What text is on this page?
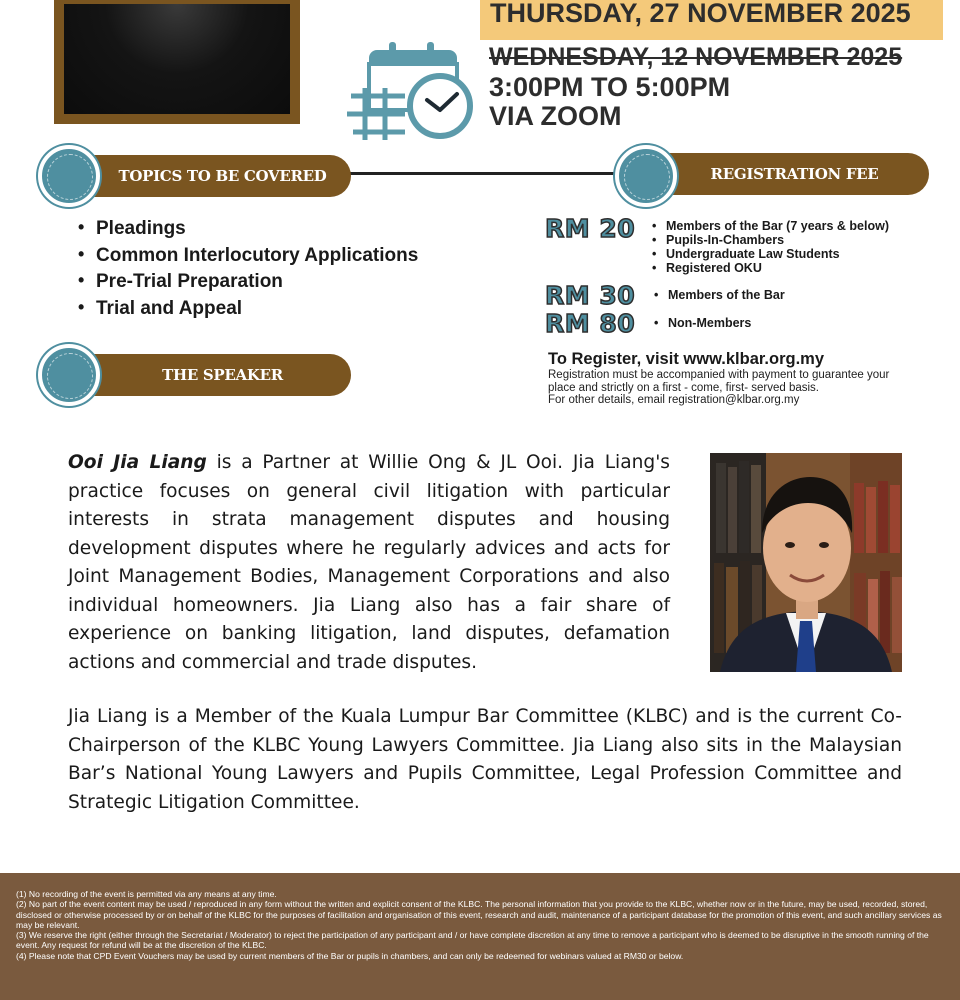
THURSDAY, 27 NOVEMBER 2025
WEDNESDAY, 12 NOVEMBER 2025
3:00PM TO 5:00PM
VIA ZOOM
TOPICS TO BE COVERED	REGISTRATION FEE
• Pleadings
• Common Interlocutory Applications
• Pre-Trial Preparation
• Trial and Appeal
THE SPEAKER
RM 20	• Members of the Bar (7 years & below)
• Pupils-In-Chambers
• Undergraduate Law Students
• Registered OKU
RM 30	• Members of the Bar
RM 80	• Non-Members
To Register, visit www.klbar.org.my
Registration must be accompanied with payment to guarantee your place and strictly on a first - come, first- served basis.
For other details, email registration@klbar.org.my

Ooi Jia Liang is a Partner at Willie Ong & JL Ooi. Jia Liang's practice focuses on general civil litigation with particular interests in strata management disputes and housing development disputes where he regularly advices and acts for Joint Management Bodies, Management Corporations and also individual homeowners. Jia Liang also has a fair share of experience on banking litigation, land disputes, defamation actions and commercial and trade disputes.

Jia Liang is a Member of the Kuala Lumpur Bar Committee (KLBC) and is the current Co-Chairperson of the KLBC Young Lawyers Committee. Jia Liang also sits in the Malaysian Bar’s National Young Lawyers and Pupils Committee, Legal Profession Committee and Strategic Litigation Committee.

(1) No recording of the event is permitted via any means at any time.

(2) No part of the event content may be used / reproduced in any form without the written and explicit consent of the KLBC. The personal information that you provide to the KLBC, whether now or in the future, may be used, recorded, stored, disclosed or otherwise processed by or on behalf of the KLBC for the purposes of facilitation and organisation of this event, research and audit, maintenance of a participant database for the promotion of this event, and such ancillary services as may be relevant.

(3) We reserve the right (either through the Secretariat / Moderator) to reject the participation of any participant and / or have complete discretion at any time to remove a participant who is deemed to be disruptive in the smooth running of the event. Any request for refund will be at the discretion of the KLBC.

(4) Please note that CPD Event Vouchers may be used by current members of the Bar or pupils in chambers, and can only be redeemed for webinars valued at RM30 or below.
